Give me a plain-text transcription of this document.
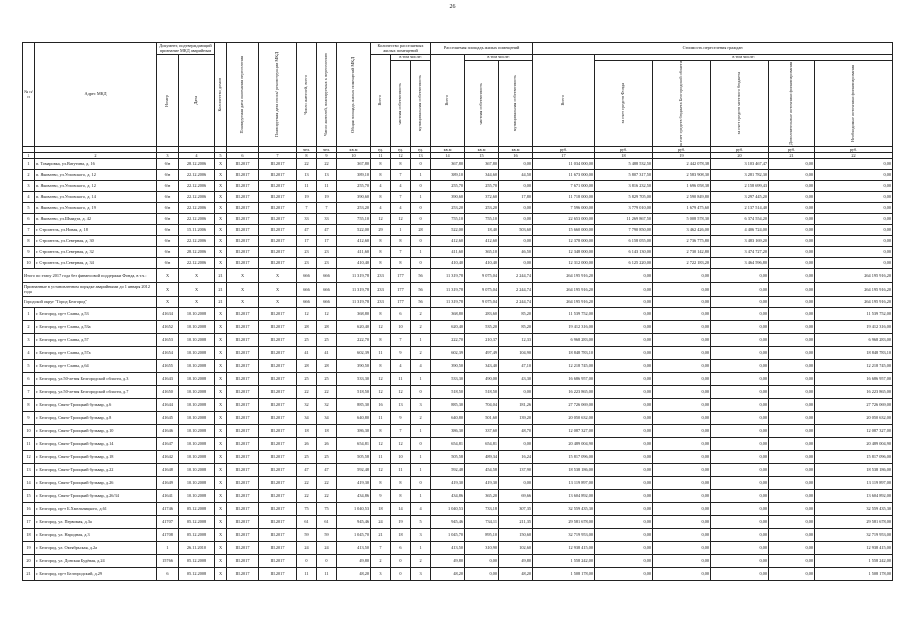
26
№ п/п	Адрес МКД	Документ, подтверждающий признание МКД аварийным		Количество домов	Планируемая дата окончания переселения	Планируемая дата сноса/ реконструкции МКД	Число жителей, всего	Число жителей, планируемых к переселению	Общая площадь жилых помещений МКД	Количество расселяемых жилых помещений			Расселяемая площадь жилых помещений			Стоимость переселения граждан					

		Номер	Дата							Всего	в том числе:		Всего	в том числе:		Всего	в том числе:				

											частная собственность	муниципальная собственность		частная собственность	муниципальная собственность		за счет средств Фонда	за счет средств бюджета Белгородской области	за счет средств местного бюджета	Дополнительные источники финансирования	Необходимые источники финансирования

							чел.	чел.	кв.м	ед.	ед.	ед.	кв.м	кв.м	кв.м	руб.	руб.	руб.	руб.	руб.	руб.
1	2	3	4	5	6	7	8	9	10	11	12	13	14	15	16	17	18	19	20	21	22
1	п. Томаровка, ул.Ватутина, д. 16	б/н	28.12.2006	X	III.2017	III.2017	22	22	367,80	8	8	0	367,80	367,80	0,00	11 034 000,00	5 488 532,50	2 442 078,38	3 103 467,47	0,00	0,00
2	п. Яковлево, ул.Угловского, д. 12	б/н	22.12.2006	X	III.2017	III.2017	13	13	389,10	8	7	1	389,10	344,60	44,50	11 673 000,00	5 807 317,50	2 583 908,30	3 281 782,30	0,00	0,00
3	п. Яковлево, ул.Угловского, д. 12	б/н	22.12.2006	X	III.2017	III.2017	11	11	255,70	4	4	0	255,70	255,70	0,00	7 671 000,00	3 816 232,50	1 696 058,38	2 158 699,43	0,00	0,00
4	п. Яковлево, ул.Угловского, д. 14	б/н	22.12.2006	X	III.2017	III.2017	19	19	390,60	8	7	1	390,60	372,60	17,80	11 718 000,00	5 829 705,00	2 590 849,80	3 297 445,20	0,00	0,00
5	п. Яковлево, ул.Угловского, д. 19	б/н	22.12.2006	X	III.2017	III.2017	7	7	253,20	4	4	0	253,20	253,20	0,00	7 596 000,00	3 779 010,00	1 679 475,60	2 137 514,40	0,00	0,00
6	п. Яковлево, ул.Шмидта, д. 42	б/н	22.12.2006	X	III.2017	III.2017	33	33	755,10	12	12	0	755,10	755,10	0,00	22 653 000,00	11 269 867,50	5 008 578,30	6 374 554,20	0,00	0,00
7	г. Строитель, ул.Новая, д. 18	б/н	15.11.2006	X	III.2017	III.2017	47	47	522,00	29	1	28	522,00	18,40	503,60	15 660 000,00	7 790 850,00	3 462 426,00	4 406 724,00	0,00	0,00
8	г. Строитель, ул.Северная, д. 30	б/н	22.12.2006	X	III.2017	III.2017	17	17	412,60	8	8	0	412,60	412,60	0,00	12 378 000,00	6 158 055,00	2 736 775,80	3 483 169,20	0,00	0,00
9	г. Строитель, ул.Северная, д. 32	б/н	28.12.2006	X	III.2017	III.2017	23	23	411,60	8	7	1	411,60	365,10	46,50	12 348 000,00	6 143 130,00	2 730 142,80	3 474 727,20	0,00	0,00
10	г. Строитель, ул.Северная, д. 34	б/н	22.12.2006	X	III.2017	III.2017	23	23	410,40	8	8	0	410,40	410,40	0,00	12 312 000,00	6 125 220,00	2 722 183,20	3 464 596,80	0,00	0,00
Итого по этапу 2017 года без финансовой поддержки Фонда, в т.ч.:		X	X	21	X	X	666	666	11 319,78	233	177	56	11 319,78	9 075,04	2 244,74	264 195 916,20	0,00	0,00	0,00	0,00	264 195 916,20
Признанные в установленном порядке аварийными до 1 января 2012 года		X	X	21	X	X	666	666	11 319,78	233	177	56	11 319,78	9 075,04	2 244,74	264 195 916,20	0,00	0,00	0,00	0,00	264 195 916,20
Городской округ "Город Белгород"		X	X	21	X	X	666	666	11 319,78	233	177	56	11 319,78	9 075,04	2 244,74	264 195 916,20	0,00	0,00	0,00	0,00	264 195 916,20
1	г. Белгород, пр-т Славы, д.53	41634	10.10.2008	X	III.2017	III.2017	12	12	368,80	8	6	2	368,80	283,60	85,20	11 539 752,00	0,00	0,00	0,00	0,00	11 539 752,00
2	г. Белгород, пр-т Славы, д.53а	41652	10.10.2008	X	III.2017	III.2017	28	28	620,40	12	10	2	620,40	535,20	85,20	19 412 316,00	0,00	0,00	0,00	0,00	19 412 316,00
3	г. Белгород, пр-т Славы, д.57	41653	10.10.2008	X	III.2017	III.2017	25	25	222,70	8	7	1	222,70	210,37	12,33	6 968 283,00	0,00	0,00	0,00	0,00	6 968 283,00
4	г. Белгород, пр-т Славы, д.57а	41654	10.10.2008	X	III.2017	III.2017	41	41	602,39	11	9	2	602,39	497,49	104,90	18 848 783,10	0,00	0,00	0,00	0,00	18 848 783,10
5	г. Белгород, пр-т Славы, д.64	41655	10.10.2008	X	III.2017	III.2017	28	28	390,50	8	4	4	390,50	343,40	47,10	12 218 745,00	0,00	0,00	0,00	0,00	12 218 745,00
6	г. Белгород, ул.50-летия Белгородской области, д.3	41643	10.10.2008	X	III.2017	III.2017	25	25	533,30	12	11	1	533,30	490,00	43,30	16 686 957,00	0,00	0,00	0,00	0,00	16 686 957,00
7	г. Белгород, ул.50-летия Белгородской области, д.7	41650	10.10.2008	X	III.2017	III.2017	22	22	518,50	12	12	0	518,50	518,50	0,00	16 223 865,00	0,00	0,00	0,00	0,00	16 223 865,00
8	г. Белгород, Свято-Троицкий бульвар, д.6	41644	10.10.2008	X	III.2017	III.2017	32	32	885,30	16	13	3	885,30	704,04	181,26	27 726 069,00	0,00	0,00	0,00	0,00	27 726 069,00
9	г. Белгород, Свято-Троицкий бульвар, д.8	41645	10.10.2008	X	III.2017	III.2017	34	34	640,80	11	9	2	640,80	501,60	139,20	20 050 632,00	0,00	0,00	0,00	0,00	20 050 632,00
10	г. Белгород, Свято-Троицкий бульвар, д.10	41646	10.10.2008	X	III.2017	III.2017	18	18	386,30	8	7	1	386,30	337,60	48,70	12 087 327,00	0,00	0,00	0,00	0,00	12 087 327,00
11	г. Белгород, Свято-Троицкий бульвар, д.14	41647	10.10.2008	X	III.2017	III.2017	26	26	654,81	12	12	0	654,81	654,81	0,00	20 489 004,90	0,00	0,00	0,00	0,00	20 489 004,90
12	г. Белгород, Свято-Троицкий бульвар, д.18	41642	10.10.2008	X	III.2017	III.2017	25	25	505,58	11	10	1	505,58	489,34	16,24	15 817 096,00	0,00	0,00	0,00	0,00	15 817 096,00
13	г. Белгород, Свято-Троицкий бульвар, д.22	41648	10.10.2008	X	III.2017	III.2017	47	47	592,48	12	11	1	592,48	454,58	137,90	18 538 186,00	0,00	0,00	0,00	0,00	18 538 186,00
14	г. Белгород, Свято-Троицкий бульвар, д.26	41649	10.10.2008	X	III.2017	III.2017	22	22	419,30	8	8	0	419,30	419,30	0,00	13 119 897,00	0,00	0,00	0,00	0,00	13 119 897,00
15	г. Белгород, Свято-Троицкий бульвар, д.26/34	41641	10.10.2008	X	III.2017	III.2017	22	22	434,86	9	8	1	434,86	365,20	69,66	13 604 892,00	0,00	0,00	0,00	0,00	13 604 892,00
16	г. Белгород, пр-т Б.Хмельницкого, д.61	41746	05.12.2008	X	III.2017	III.2017	75	75	1 040,53	18	14	4	1 040,53	733,18	307,35	32 559 435,30	0,00	0,00	0,00	0,00	32 559 435,30
17	г. Белгород, ул. Первомая, д.3а	41707	05.12.2008	X	III.2017	III.2017	61	61	945,46	24	19	5	945,46	734,11	211,35	29 581 678,00	0,00	0,00	0,00	0,00	29 581 678,00
18	г. Белгород, ул. Народная, д.3	41708	05.12.2008	X	III.2017	III.2017	59	59	1 045,70	21	18	3	1 045,70	895,10	150,60	32 719 953,00	0,00	0,00	0,00	0,00	32 719 953,00
19	г. Белгород, ул. Октябрьская, д.2а	1	26.11.2010	X	III.2017	III.2017	24	24	413,50	7	6	1	413,50	310,90	102,60	12 938 415,00	0,00	0,00	0,00	0,00	12 938 415,00
20	г. Белгород, ул. Донская Будёвая, д.24	15766	05.12.2008	X	III.2017	III.2017	0	0	49,80	2	0	2	49,80	0,00	49,80	1 558 242,00	0,00	0,00	0,00	0,00	1 558 242,00
21	г. Белгород, пр-т Белгородский, д.29	6	05.12.2008	X	III.2017	III.2017	11	11	48,20	3	0	3	48,20	0,00	48,20	1 508 178,00	0,00	0,00	0,00	0,00	1 508 178,00
